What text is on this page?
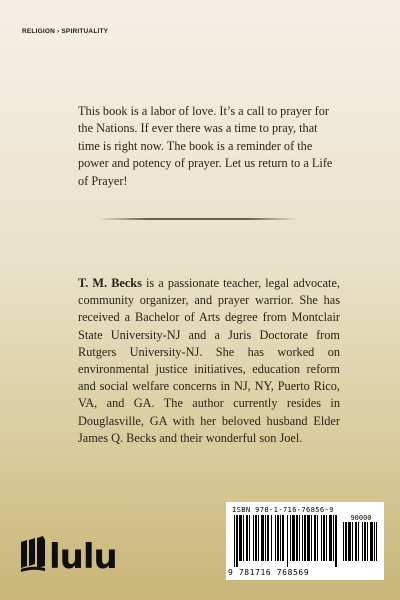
RELIGION › SPIRITUALITY

This book is a labor of love. It’s a call to prayer for the Nations. If ever there was a time to pray, that time is right now. The book is a reminder of the power and potency of prayer. Let us return to a Life of Prayer!

T. M. Becks is a passionate teacher, legal advocate, community organizer, and prayer warrior. She has received a Bachelor of Arts degree from Montclair State University-NJ and a Juris Doctorate from Rutgers University-NJ. She has worked on environmental justice initiatives, education reform and social welfare concerns in NJ, NY, Puerto Rico, VA, and GA. The author currently resides in Douglasville, GA with her beloved husband Elder James Q. Becks and their wonderful son Joel.

lulu
ISBN 978-1-716-76856-9
90000
9 781716 768569
